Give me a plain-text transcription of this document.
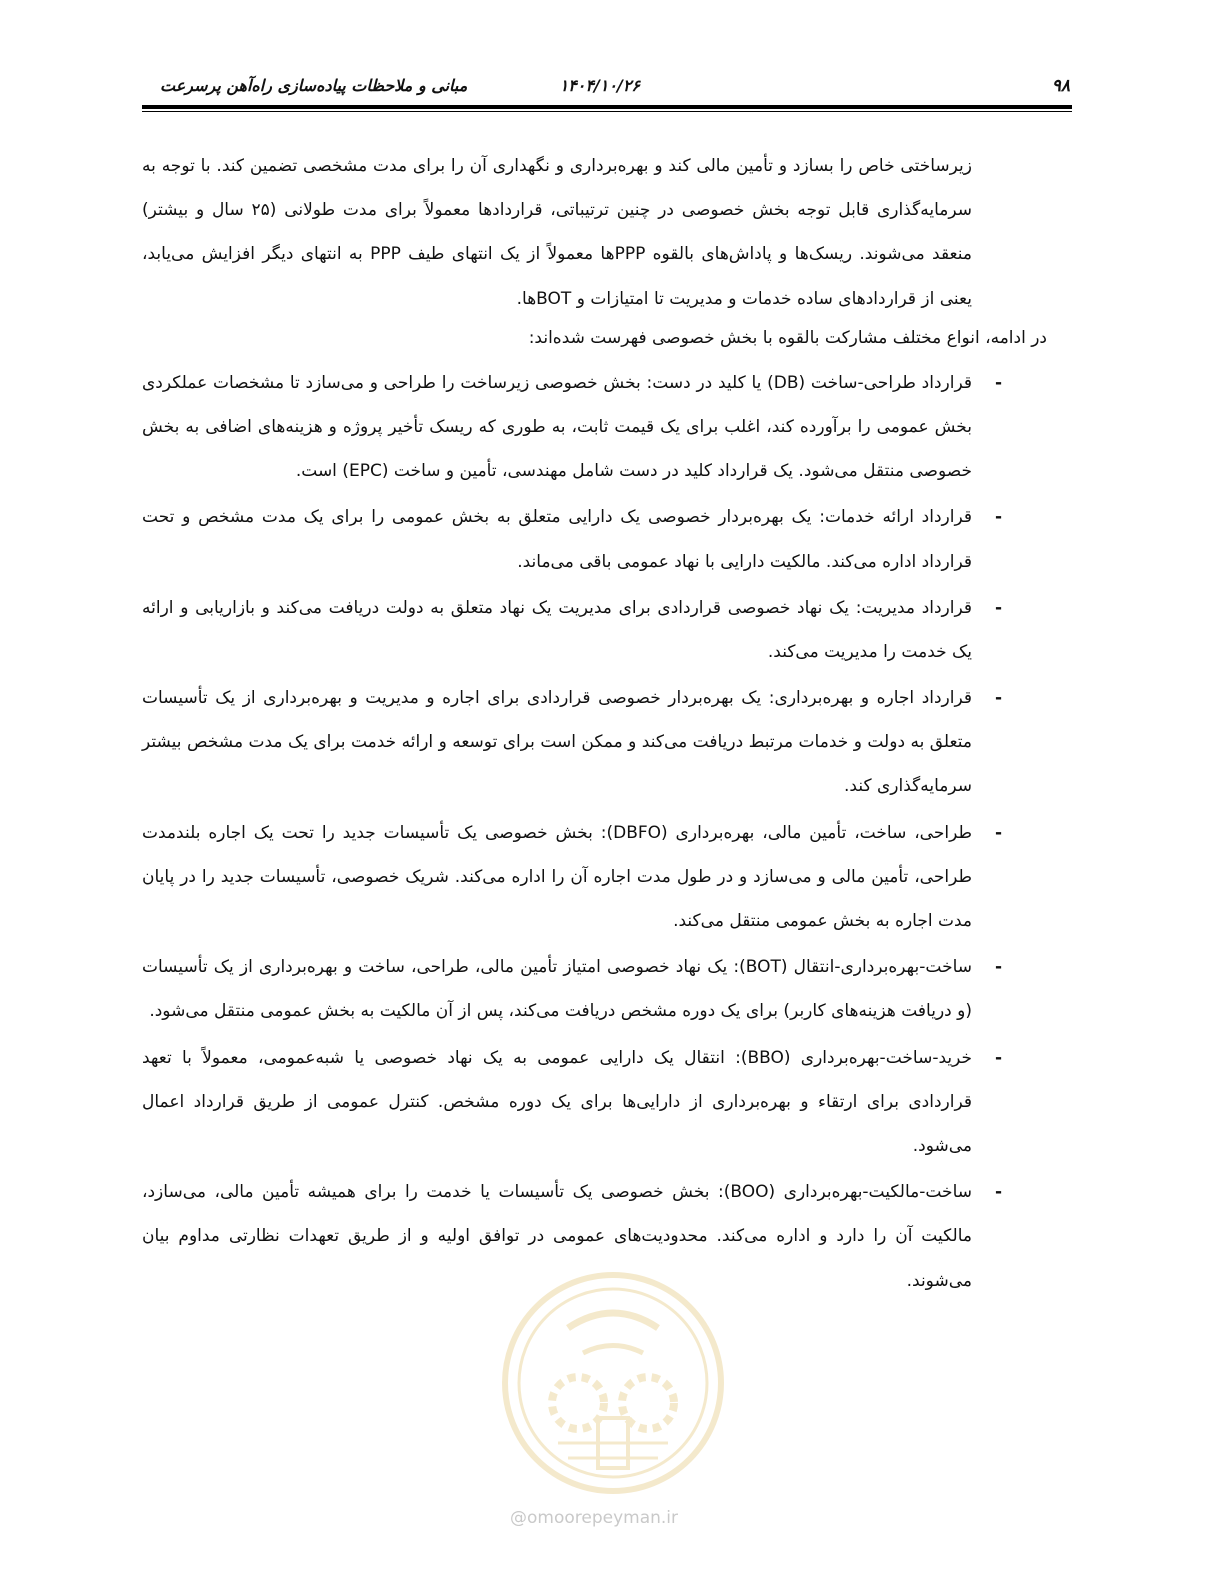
۹۸
۱۴۰۴/۱۰/۲۶
مبانی و ملاحظات پیاده‌سازی راه‌آهن پرسرعت

زیرساختی خاص را بسازد و تأمین مالی کند و بهره‌برداری و نگهداری آن را برای مدت مشخصی تضمین کند. با توجه به سرمایه‌گذاری قابل توجه بخش خصوصی در چنین ترتیباتی، قراردادها معمولاً برای مدت طولانی (۲۵ سال و بیشتر) منعقد می‌شوند. ریسک‌ها و پاداش‌های بالقوه PPPها معمولاً از یک انتهای طیف PPP به انتهای دیگر افزایش می‌یابد، یعنی از قراردادهای ساده خدمات و مدیریت تا امتیازات و BOTها.

در ادامه، انواع مختلف مشارکت بالقوه با بخش خصوصی فهرست شده‌اند:

-
قرارداد طراحی-ساخت (DB) یا کلید در دست: بخش خصوصی زیرساخت را طراحی و می‌سازد تا مشخصات عملکردی بخش عمومی را برآورده کند، اغلب برای یک قیمت ثابت، به طوری که ریسک تأخیر پروژه و هزینه‌های اضافی به بخش خصوصی منتقل می‌شود. یک قرارداد کلید در دست شامل مهندسی، تأمین و ساخت (EPC) است.
-
قرارداد ارائه خدمات: یک بهره‌بردار خصوصی یک دارایی متعلق به بخش عمومی را برای یک مدت مشخص و تحت قرارداد اداره می‌کند. مالکیت دارایی با نهاد عمومی باقی می‌ماند.
-
قرارداد مدیریت: یک نهاد خصوصی قراردادی برای مدیریت یک نهاد متعلق به دولت دریافت می‌کند و بازاریابی و ارائه یک خدمت را مدیریت می‌کند.
-
قرارداد اجاره و بهره‌برداری: یک بهره‌بردار خصوصی قراردادی برای اجاره و مدیریت و بهره‌برداری از یک تأسیسات متعلق به دولت و خدمات مرتبط دریافت می‌کند و ممکن است برای توسعه و ارائه خدمت برای یک مدت مشخص بیشتر سرمایه‌گذاری کند.
-
طراحی، ساخت، تأمین مالی، بهره‌برداری (DBFO): بخش خصوصی یک تأسیسات جدید را تحت یک اجاره بلندمدت طراحی، تأمین مالی و می‌سازد و در طول مدت اجاره آن را اداره می‌کند. شریک خصوصی، تأسیسات جدید را در پایان مدت اجاره به بخش عمومی منتقل می‌کند.
-
ساخت-بهره‌برداری-انتقال (BOT): یک نهاد خصوصی امتیاز تأمین مالی، طراحی، ساخت و بهره‌برداری از یک تأسیسات (و دریافت هزینه‌های کاربر) برای یک دوره مشخص دریافت می‌کند، پس از آن مالکیت به بخش عمومی منتقل می‌شود.
-
خرید-ساخت-بهره‌برداری (BBO): انتقال یک دارایی عمومی به یک نهاد خصوصی یا شبه‌عمومی، معمولاً با تعهد قراردادی برای ارتقاء و بهره‌برداری از دارایی‌ها برای یک دوره مشخص. کنترل عمومی از طریق قرارداد اعمال می‌شود.
-
ساخت-مالکیت-بهره‌برداری (BOO): بخش خصوصی یک تأسیسات یا خدمت را برای همیشه تأمین مالی، می‌سازد، مالکیت آن را دارد و اداره می‌کند. محدودیت‌های عمومی در توافق اولیه و از طریق تعهدات نظارتی مداوم بیان می‌شوند.
@omoorepeyman.ir
